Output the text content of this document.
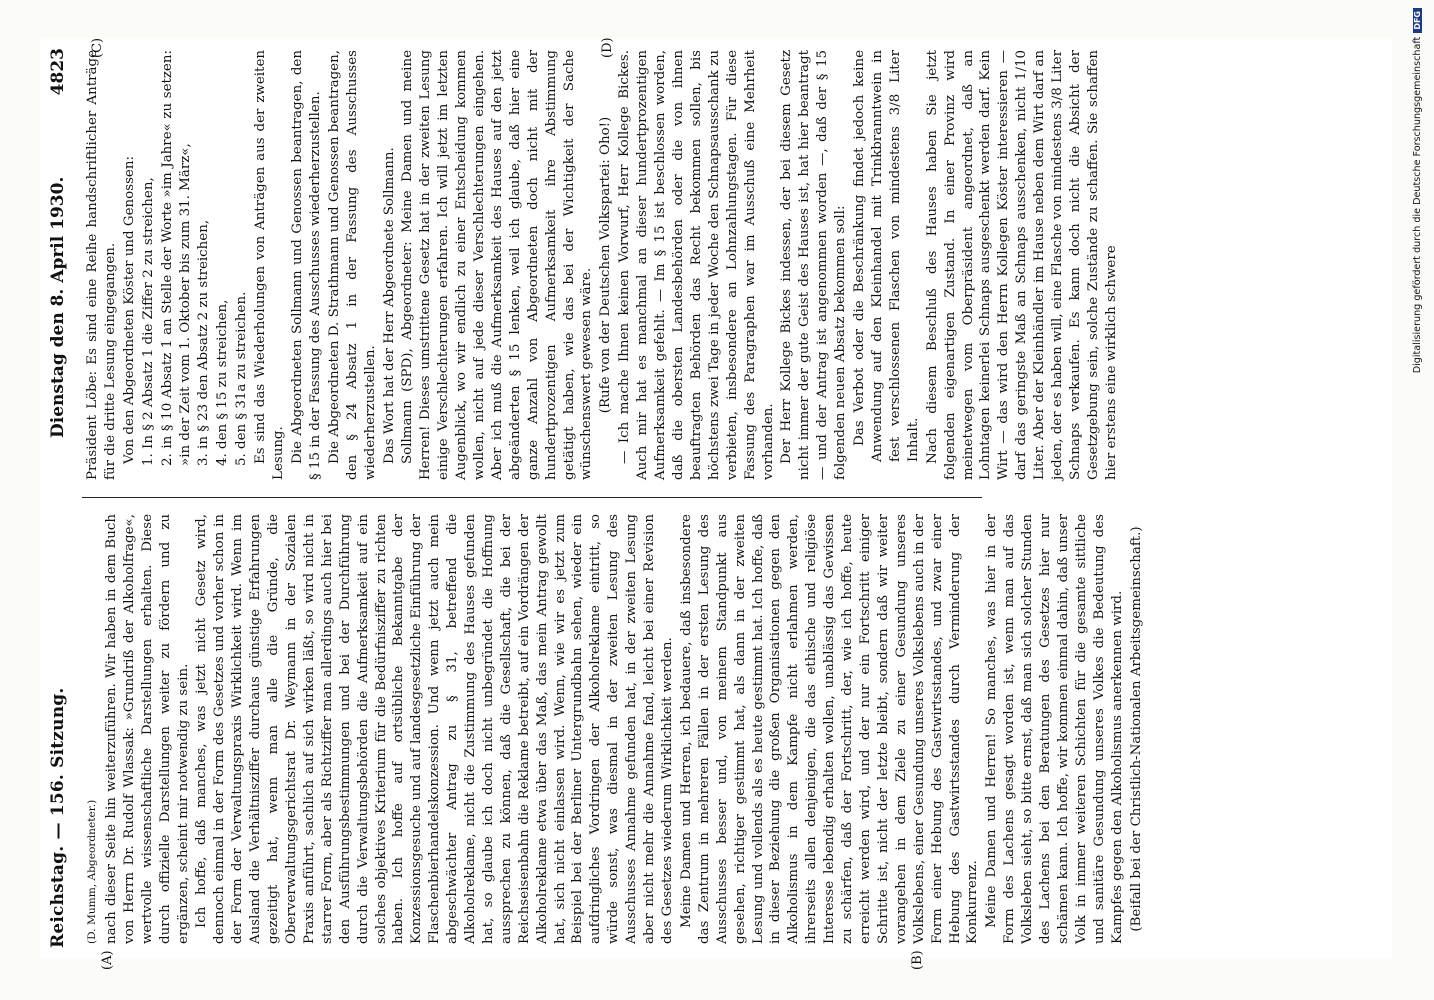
Reichstag. — 156. Sitzung.
Dienstag den 8. April 1930.
4823
(A)	(B)
(C)	(D)

(D. Mumm, Abgeordneter.) nach dieser Seite hin weiterzuführen. Wir haben in dem Buch von Herrn Dr. Rudolf Wlassak: »Grundriß der Alkoholfrage«, wertvolle wissenschaftliche Darstellungen erhalten. Diese durch offizielle Darstellungen weiter zu fördern und zu ergänzen, scheint mir notwendig zu sein. Ich hoffe, daß manches, was jetzt nicht Gesetz wird, dennoch einmal in der Form des Gesetzes und vorher schon in der Form der Verwaltungspraxis Wirklichkeit wird. Wenn im Ausland die Verhältnisziffer durchaus günstige Erfahrungen gezeitigt hat, wenn man alle die Gründe, die Oberverwaltungsgerichtsrat Dr. Weymann in der Sozialen Praxis anführt, sachlich auf sich wirken läßt, so wird nicht in starrer Form, aber als Richtziffer man allerdings auch hier bei den Ausführungsbestimmungen und bei der Durchführung durch die Verwaltungsbehörden die Aufmerksamkeit auf ein solches objektives Kriterium für die Bedürfnisziffer zu richten haben. Ich hoffe auf ortsübliche Bekanntgabe der Konzessionsgesuche und auf landesgesetzliche Einführung der Flaschenbierhandelskonzession. Und wenn jetzt auch mein abgeschwächter Antrag zu § 31, betreffend die Alkoholreklame, nicht die Zustimmung des Hauses gefunden hat, so glaube ich doch nicht unbegründet die Hoffnung aussprechen zu können, daß die Gesellschaft, die bei der Reichseisenbahn die Reklame betreibt, auf ein Vordrängen der Alkoholreklame etwa über das Maß, das mein Antrag gewollt hat, sich nicht einlassen wird. Wenn, wie wir es jetzt zum Beispiel bei der Berliner Untergrundbahn sehen, wieder ein aufdringliches Vordringen der Alkoholreklame eintritt, so würde sonst, was diesmal in der zweiten Lesung des Ausschusses Annahme gefunden hat, in der zweiten Lesung aber nicht mehr die Annahme fand, leicht bei einer Revision des Gesetzes wiederum Wirklichkeit werden. Meine Damen und Herren, ich bedauere, daß insbesondere das Zentrum in mehreren Fällen in der ersten Lesung des Ausschusses besser und, von meinem Standpunkt aus gesehen, richtiger gestimmt hat, als dann in der zweiten Lesung und vollends als es heute gestimmt hat. Ich hoffe, daß in dieser Beziehung die großen Organisationen gegen den Alkoholismus in dem Kampfe nicht erlahmen werden, ihrerseits allen denjenigen, die das ethische und religiöse Interesse lebendig erhalten wollen, unablässig das Gewissen zu schärfen, daß der Fortschritt, der, wie ich hoffe, heute erreicht werden wird, und der nur ein Fortschritt einiger Schritte ist, nicht der letzte bleibt, sondern daß wir weiter vorangehen in dem Ziele zu einer Gesundung unseres Volkslebens, einer Gesundung unseres Volkslebens auch in der Form einer Hebung des Gastwirtsstandes, und zwar einer Hebung des Gastwirtsstandes durch Verminderung der Konkurrenz. Meine Damen und Herren! So manches, was hier in der Form des Lachens gesagt worden ist, wenn man auf das Volksleben sieht, so bitte ernst, daß man sich solcher Stunden des Lachens bei den Beratungen des Gesetzes hier nur schämen kann. Ich hoffe, wir kommen einmal dahin, daß unser Volk in immer weiteren Schichten für die gesamte sittliche und sanitäre Gesundung unseres Volkes die Bedeutung des Kampfes gegen den Alkoholismus anerkennen wird. (Beifall bei der Christlich-Nationalen Arbeitsgemeinschaft.)

Präsident Löbe: Es sind eine Reihe handschriftlicher Anträge für die dritte Lesung eingegangen. Von den Abgeordneten Köster und Genossen: 1. In § 2 Absatz 1 die Ziffer 2 zu streichen, 2. in § 10 Absatz 1 an Stelle der Worte »im Jahre« zu setzen: »in der Zeit vom 1. Oktober bis zum 31. März«, 3. in § 23 den Absatz 2 zu streichen, 4. den § 15 zu streichen, 5. den § 31a zu streichen. Es sind das Wiederholungen von Anträgen aus der zweiten Lesung. Die Abgeordneten Sollmann und Genossen beantragen, den § 15 in der Fassung des Ausschusses wiederherzustellen. Die Abgeordneten D. Strathmann und Genossen beantragen, den § 24 Absatz 1 in der Fassung des Ausschusses wiederherzustellen. Das Wort hat der Herr Abgeordnete Sollmann. Sollmann (SPD), Abgeordneter: Meine Damen und meine Herren! Dieses umstrittene Gesetz hat in der zweiten Lesung einige Verschlechterungen erfahren. Ich will jetzt im letzten Augenblick, wo wir endlich zu einer Entscheidung kommen wollen, nicht auf jede dieser Verschlechterungen eingehen. Aber ich muß die Aufmerksamkeit des Hauses auf den jetzt abgeänderten § 15 lenken, weil ich glaube, daß hier eine ganze Anzahl von Abgeordneten doch nicht mit der hundertprozentigen Aufmerksamkeit ihre Abstimmung getätigt haben, wie das bei der Wichtigkeit der Sache wünschenswert gewesen wäre. (Rufe von der Deutschen Volkspartei: Oho!) — Ich mache Ihnen keinen Vorwurf, Herr Kollege Bickes. Auch mir hat es manchmal an dieser hundertprozentigen Aufmerksamkeit gefehlt. — Im § 15 ist beschlossen worden, daß die obersten Landesbehörden oder die von ihnen beauftragten Behörden das Recht bekommen sollen, bis höchstens zwei Tage in jeder Woche den Schnapsausschank zu verbieten, insbesondere an Lohnzahlungstagen. Für diese Fassung des Paragraphen war im Ausschuß eine Mehrheit vorhanden. Der Herr Kollege Bickes indessen, der bei diesem Gesetz nicht immer der gute Geist des Hauses ist, hat hier beantragt — und der Antrag ist angenommen worden —, daß der § 15 folgenden neuen Absatz bekommen soll: Das Verbot oder die Beschränkung findet jedoch keine Anwendung auf den Kleinhandel mit Trinkbranntwein in fest verschlossenen Flaschen von mindestens 3/8 Liter Inhalt. Nach diesem Beschluß des Hauses haben Sie jetzt folgenden eigenartigen Zustand. In einer Provinz wird meinetwegen vom Oberpräsident angeordnet, daß an Lohntagen keinerlei Schnaps ausgeschenkt werden darf. Kein Wirt — das wird den Herrn Kollegen Köster interessieren — darf das geringste Maß an Schnaps ausschenken, nicht 1/10 Liter. Aber der Kleinhändler im Hause neben dem Wirt darf an jeden, der es haben will, eine Flasche von mindestens 3/8 Liter Schnaps verkaufen. Es kann doch nicht die Absicht der Gesetzgebung sein, solche Zustände zu schaffen. Sie schaffen hier erstens eine wirklich schwere	Digitalisierung gefördert durch die Deutsche ForschungsgemeinschaftDFG
